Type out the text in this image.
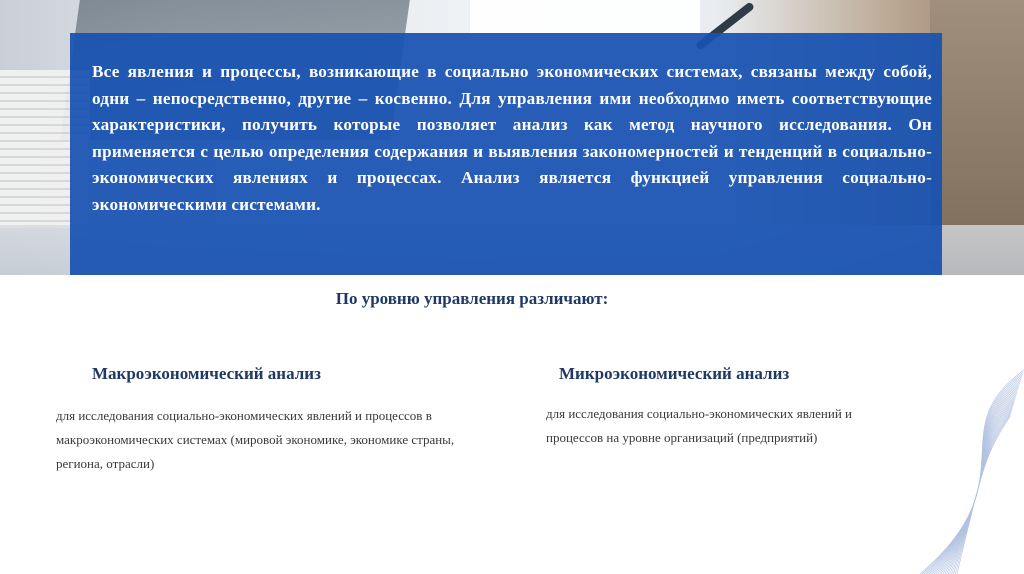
Все явления и процессы, возникающие в социально экономических системах, связаны между собой, одни – непосредственно, другие – косвенно. Для управления ими необходимо иметь соответствующие характеристики, получить которые позволяет анализ как метод научного исследования. Он применяется с целью определения содержания и выявления закономерностей и тенденций в социально-экономических явлениях и процессах. Анализ является функцией управления социально-экономическими системами.

По уровню управления различают:
Макроэкономический анализ
для исследования социально-экономических явлений и процессов в макроэкономических системах (мировой экономике, экономике страны, региона, отрасли)
Микроэкономический анализ
для исследования социально-экономических явлений и процессов на уровне организаций (предприятий)
